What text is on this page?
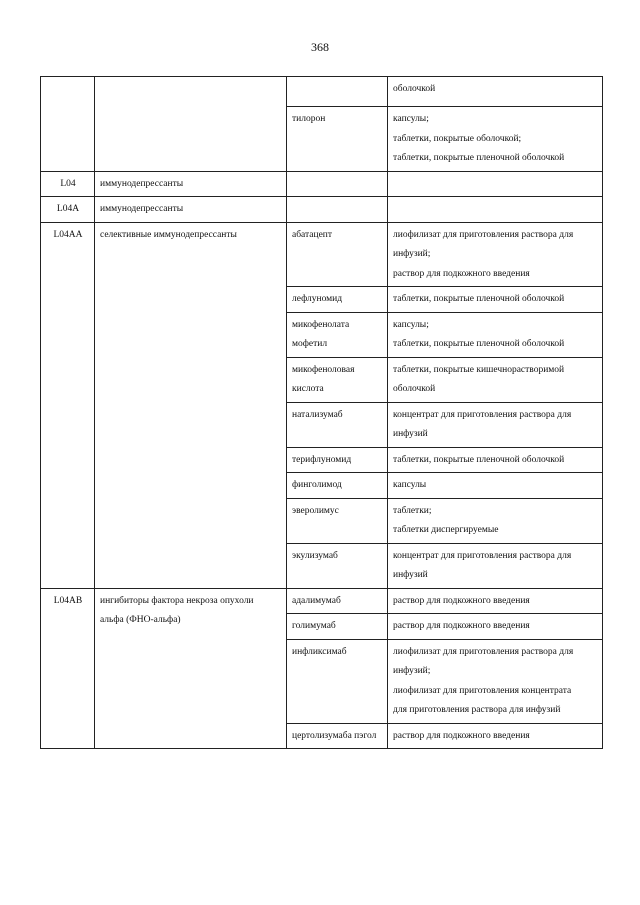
368

			оболочкой

		тилорон	капсулы;
таблетки, покрытые оболочкой;
таблетки, покрытые пленочной оболочкой

L04	иммунодепрессанты		
L04A	иммунодепрессанты		
L04AA	селективные иммунодепрессанты	абатацепт	лиофилизат для приготовления раствора для
инфузий;
раствор для подкожного введения

		лефлуномид	таблетки, покрытые пленочной оболочкой

		микофенолата
мофетил	капсулы;
таблетки, покрытые пленочной оболочкой

		микофеноловая
кислота	таблетки, покрытые кишечнорастворимой
оболочкой

		натализумаб	концентрат для приготовления раствора для
инфузий

		терифлуномид	таблетки, покрытые пленочной оболочкой

		финголимод	капсулы

		эверолимус	таблетки;
таблетки диспергируемые

		экулизумаб	концентрат для приготовления раствора для
инфузий

L04AB	ингибиторы фактора некроза опухоли
альфа (ФНО-альфа)	адалимумаб	раствор для подкожного введения

		голимумаб	раствор для подкожного введения

		инфликсимаб	лиофилизат для приготовления раствора для
инфузий;
лиофилизат для приготовления концентрата
для приготовления раствора для инфузий

		цертолизумаба пэгол	раствор для подкожного введения
